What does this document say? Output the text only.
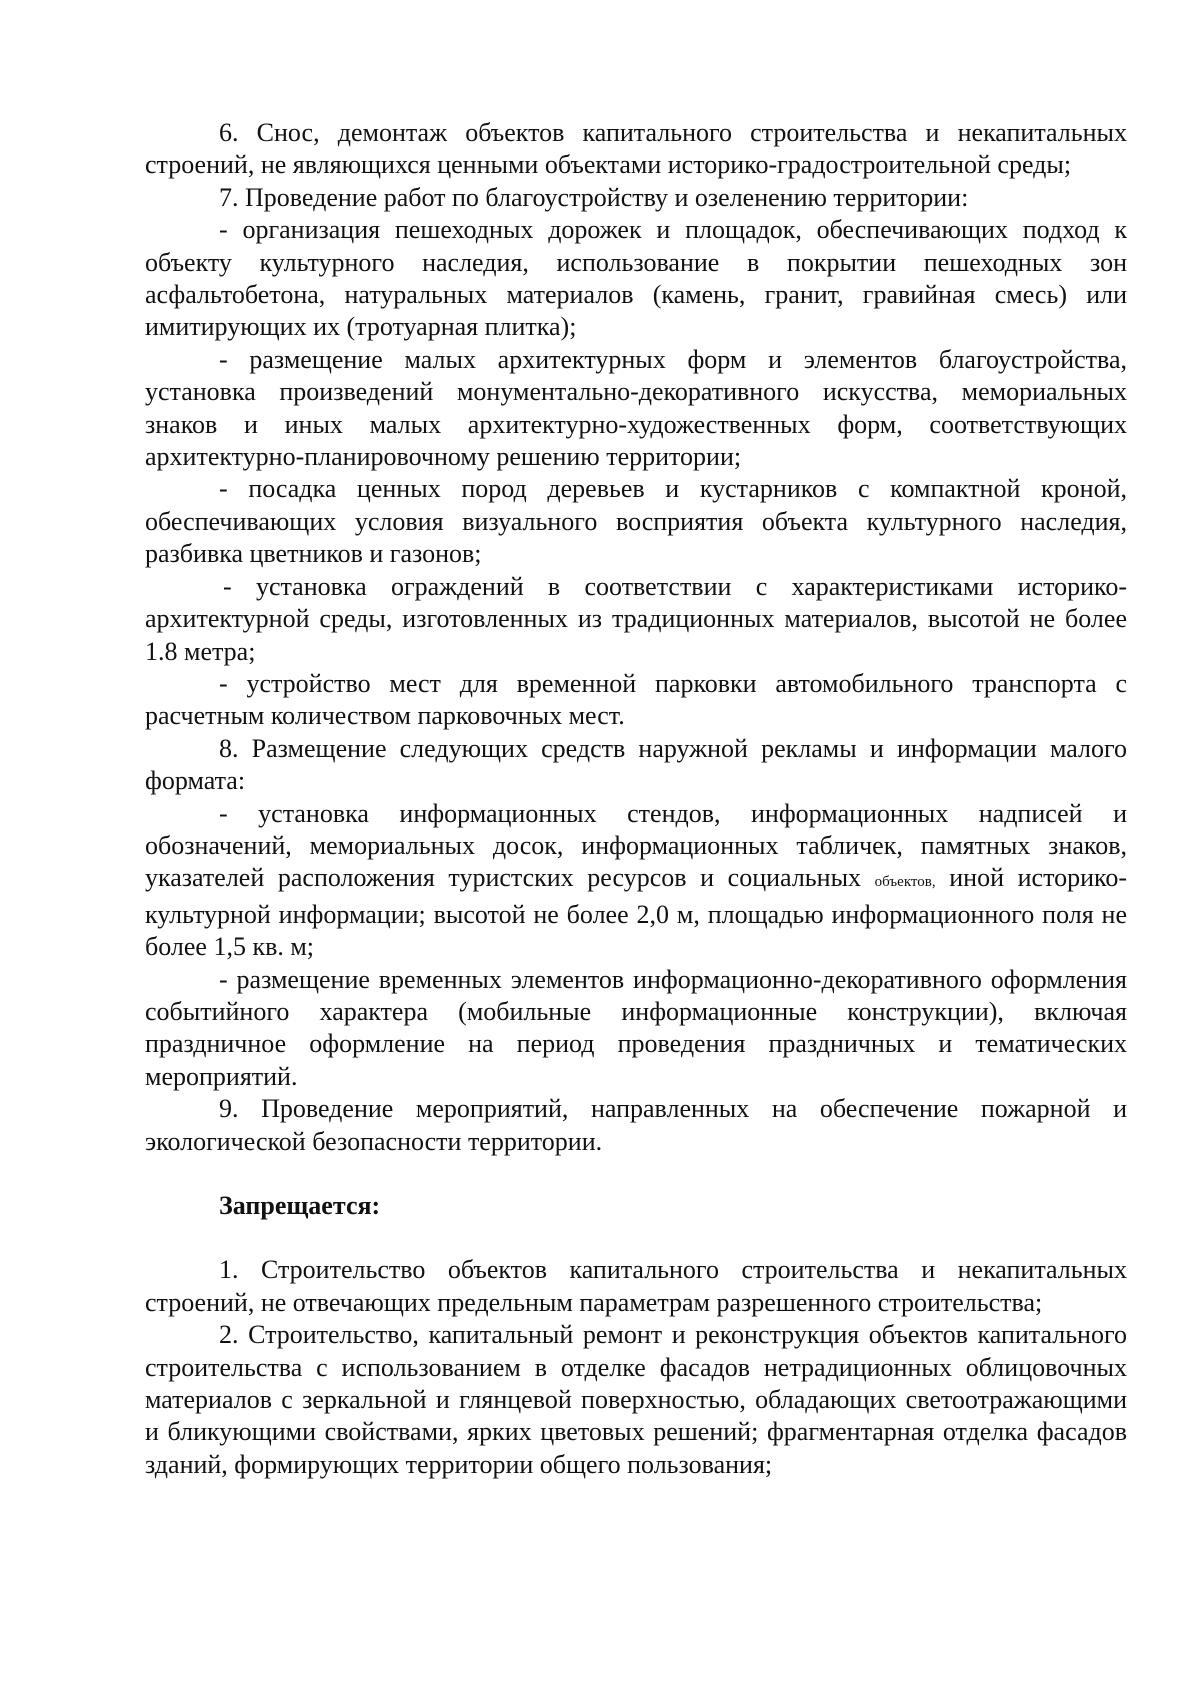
6. Снос, демонтаж объектов капитального строительства и некапитальных строений, не являющихся ценными объектами историко-градостроительной среды;

7. Проведение работ по благоустройству и озеленению территории:

- организация пешеходных дорожек и площадок, обеспечивающих подход к объекту культурного наследия, использование в покрытии пешеходных зон асфальтобетона, натуральных материалов (камень, гранит, гравийная смесь) или имитирующих их (тротуарная плитка);

- размещение малых архитектурных форм и элементов благоустройства, установка произведений монументально-декоративного искусства, мемориальных знаков и иных малых архитектурно-художественных форм, соответствующих архитектурно-планировочному решению территории;

- посадка ценных пород деревьев и кустарников с компактной кроной, обеспечивающих условия визуального восприятия объекта культурного наследия, разбивка цветников и газонов;

- установка ограждений в соответствии с характеристиками историко-архитектурной среды, изготовленных из традиционных материалов, высотой не более 1.8 метра;

- устройство мест для временной парковки автомобильного транспорта с расчетным количеством парковочных мест.

8. Размещение следующих средств наружной рекламы и информации малого формата:

- установка информационных стендов, информационных надписей и обозначений, мемориальных досок, информационных табличек, памятных знаков, указателей расположения туристских ресурсов и социальных объектов, иной историко-культурной информации; высотой не более 2,0 м, площадью информационного поля не более 1,5 кв. м;

- размещение временных элементов информационно-декоративного оформления событийного характера (мобильные информационные конструкции), включая праздничное оформление на период проведения праздничных и тематических мероприятий.

9. Проведение мероприятий, направленных на обеспечение пожарной и экологической безопасности территории.

Запрещается:

1. Строительство объектов капитального строительства и некапитальных строений, не отвечающих предельным параметрам разрешенного строительства;

2. Строительство, капитальный ремонт и реконструкция объектов капитального строительства с использованием в отделке фасадов нетрадиционных облицовочных материалов с зеркальной и глянцевой поверхностью, обладающих светоотражающими и бликующими свойствами, ярких цветовых решений; фрагментарная отделка фасадов зданий, формирующих территории общего пользования;
